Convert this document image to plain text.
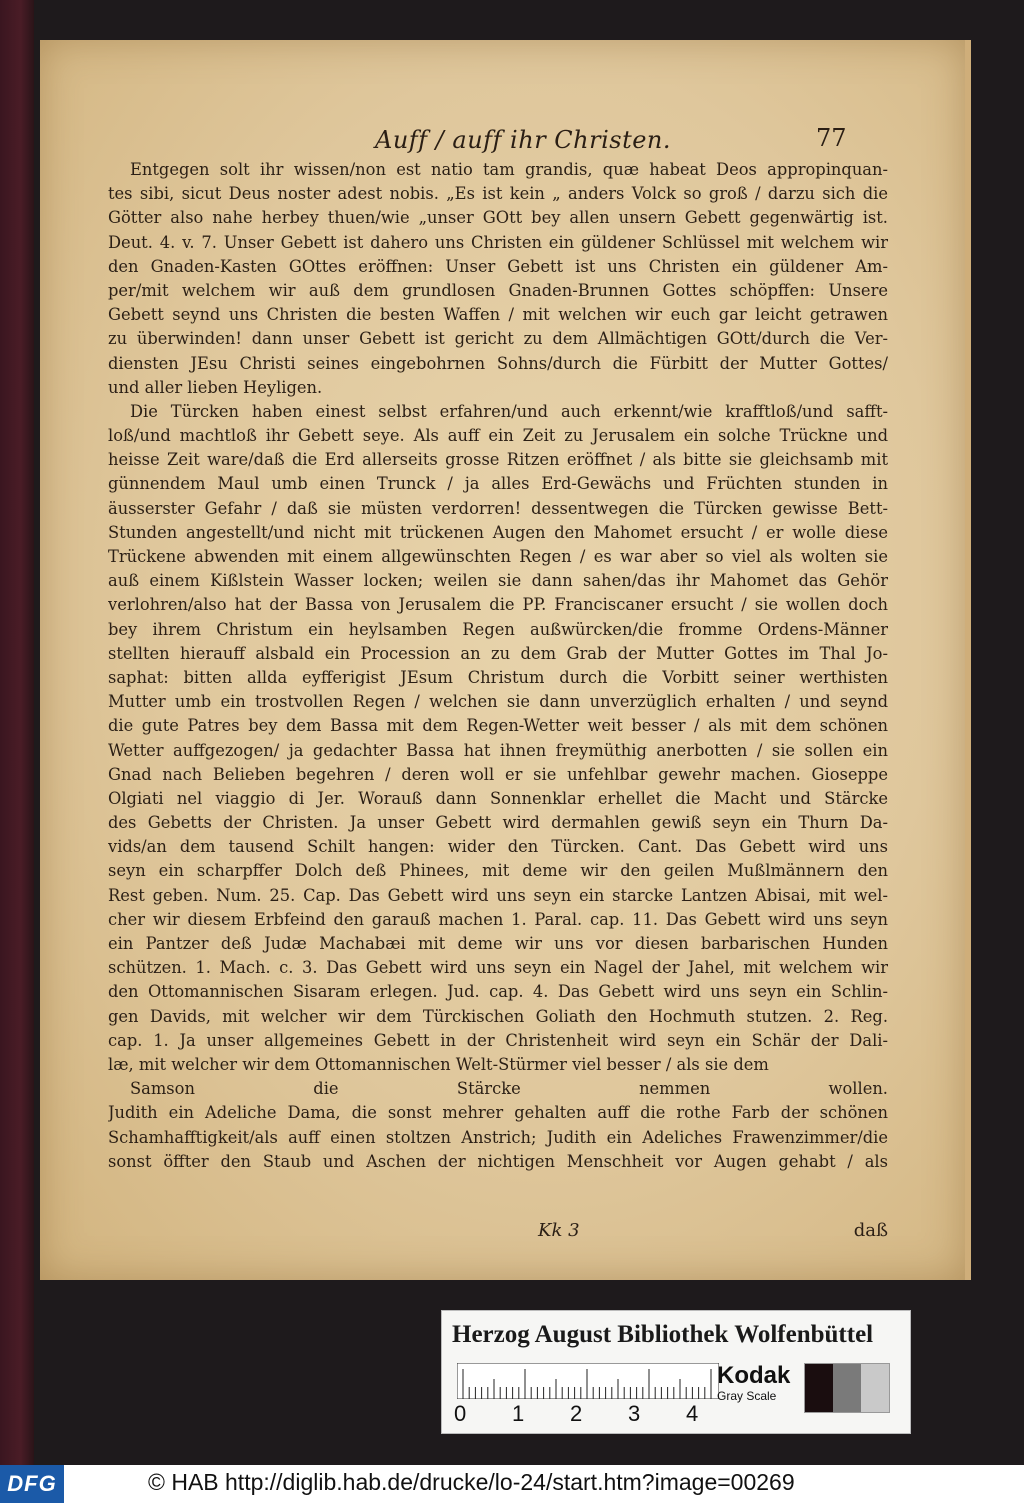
Auff / auff ihr Christen.	77
Entgegen solt ihr wissen/non est natio tam grandis, quæ habeat Deos appropinquan-
tes sibi, sicut Deus noster adest nobis. „Es ist kein „ anders Volck so groß / darzu sich die
Götter also nahe herbey thuen/wie „unser GOtt bey allen unsern Gebett gegenwärtig ist.
Deut. 4. v. 7. Unser Gebett ist dahero uns Christen ein güldener Schlüssel mit welchem wir
den Gnaden-Kasten GOttes eröffnen: Unser Gebett ist uns Christen ein güldener Am-
per/mit welchem wir auß dem grundlosen Gnaden-Brunnen Gottes schöpffen: Unsere
Gebett seynd uns Christen die besten Waffen / mit welchen wir euch gar leicht getrawen
zu überwinden! dann unser Gebett ist gericht zu dem Allmächtigen GOtt/durch die Ver-
diensten JEsu Christi seines eingebohrnen Sohns/durch die Fürbitt der Mutter Gottes/
und aller lieben Heyligen.
Die Türcken haben einest selbst erfahren/und auch erkennt/wie krafftloß/und safft-
loß/und machtloß ihr Gebett seye. Als auff ein Zeit zu Jerusalem ein solche Trückne und
heisse Zeit ware/daß die Erd allerseits grosse Ritzen eröffnet / als bitte sie gleichsamb mit
günnendem Maul umb einen Trunck / ja alles Erd-Gewächs und Früchten stunden in
äusserster Gefahr / daß sie müsten verdorren! dessentwegen die Türcken gewisse Bett-
Stunden angestellt/und nicht mit trückenen Augen den Mahomet ersucht / er wolle diese
Trückene abwenden mit einem allgewünschten Regen / es war aber so viel als wolten sie
auß einem Kißlstein Wasser locken; weilen sie dann sahen/das ihr Mahomet das Gehör
verlohren/also hat der Bassa von Jerusalem die PP. Franciscaner ersucht / sie wollen doch
bey ihrem Christum ein heylsamben Regen außwürcken/die fromme Ordens-Männer
stellten hierauff alsbald ein Procession an zu dem Grab der Mutter Gottes im Thal Jo-
saphat: bitten allda eyfferigist JEsum Christum durch die Vorbitt seiner werthisten
Mutter umb ein trostvollen Regen / welchen sie dann unverzüglich erhalten / und seynd
die gute Patres bey dem Bassa mit dem Regen-Wetter weit besser / als mit dem schönen
Wetter auffgezogen/ ja gedachter Bassa hat ihnen freymüthig anerbotten / sie sollen ein
Gnad nach Belieben begehren / deren woll er sie unfehlbar gewehr machen. Gioseppe
Olgiati nel viaggio di Jer. Worauß dann Sonnenklar erhellet die Macht und Stärcke
des Gebetts der Christen. Ja unser Gebett wird dermahlen gewiß seyn ein Thurn Da-
vids/an dem tausend Schilt hangen: wider den Türcken. Cant. Das Gebett wird uns
seyn ein scharpffer Dolch deß Phinees, mit deme wir den geilen Mußlmännern den
Rest geben. Num. 25. Cap. Das Gebett wird uns seyn ein starcke Lantzen Abisai, mit wel-
cher wir diesem Erbfeind den garauß machen 1. Paral. cap. 11. Das Gebett wird uns seyn
ein Pantzer deß Judæ Machabæi mit deme wir uns vor diesen barbarischen Hunden
schützen. 1. Mach. c. 3. Das Gebett wird uns seyn ein Nagel der Jahel, mit welchem wir
den Ottomannischen Sisaram erlegen. Jud. cap. 4. Das Gebett wird uns seyn ein Schlin-
gen Davids, mit welcher wir dem Türckischen Goliath den Hochmuth stutzen. 2. Reg.
cap. 1. Ja unser allgemeines Gebett in der Christenheit wird seyn ein Schär der Dali-
læ, mit welcher wir dem Ottomannischen Welt-Stürmer viel besser / als sie dem
Samson die Stärcke nemmen wollen.
Judith ein Adeliche Dama, die sonst mehrer gehalten auff die rothe Farb der schönen
Schamhafftigkeit/als auff einen stoltzen Anstrich; Judith ein Adeliches Frawenzimmer/die
sonst öffter den Staub und Aschen der nichtigen Menschheit vor Augen gehabt / als
Kk 3	daß
Herzog August Bibliothek Wolfenbüttel
0 1 2 3 4
Kodak
Gray Scale
DFG	© HAB http://diglib.hab.de/drucke/lo-24/start.htm?image=00269
